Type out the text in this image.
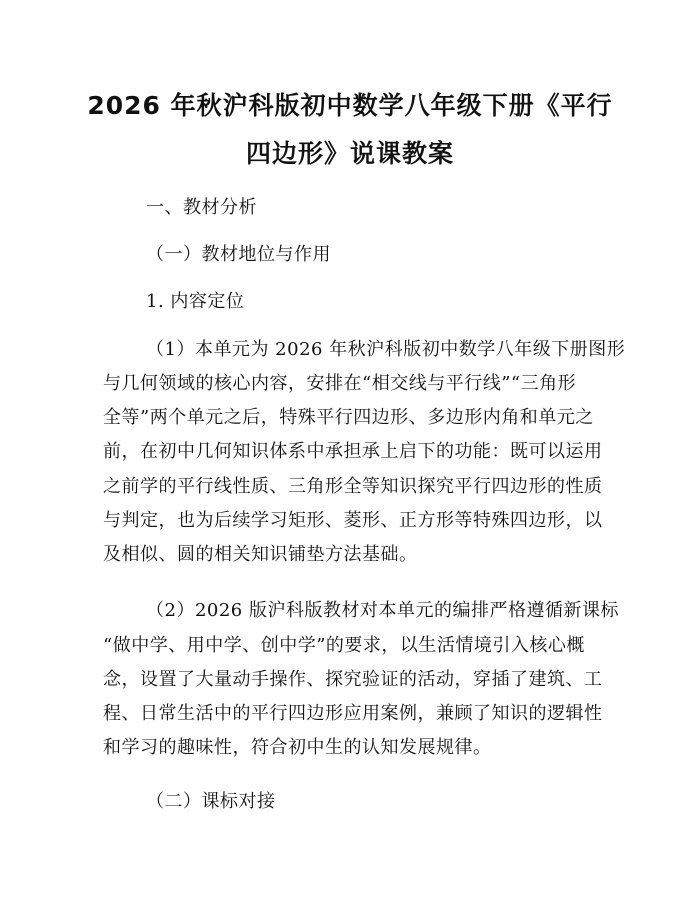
2026 年秋沪科版初中数学八年级下册《平行
四边形》说课教案
一、教材分析
（一）教材地位与作用
1. 内容定位
（1）本单元为 2026 年秋沪科版初中数学八年级下册图形
与几何领域的核心内容，安排在“相交线与平行线”“三角形
全等”两个单元之后，特殊平行四边形、多边形内角和单元之
前，在初中几何知识体系中承担承上启下的功能：既可以运用
之前学的平行线性质、三角形全等知识探究平行四边形的性质
与判定，也为后续学习矩形、菱形、正方形等特殊四边形，以
及相似、圆的相关知识铺垫方法基础。
（2）2026 版沪科版教材对本单元的编排严格遵循新课标
“做中学、用中学、创中学”的要求，以生活情境引入核心概
念，设置了大量动手操作、探究验证的活动，穿插了建筑、工
程、日常生活中的平行四边形应用案例，兼顾了知识的逻辑性
和学习的趣味性，符合初中生的认知发展规律。
（二）课标对接
